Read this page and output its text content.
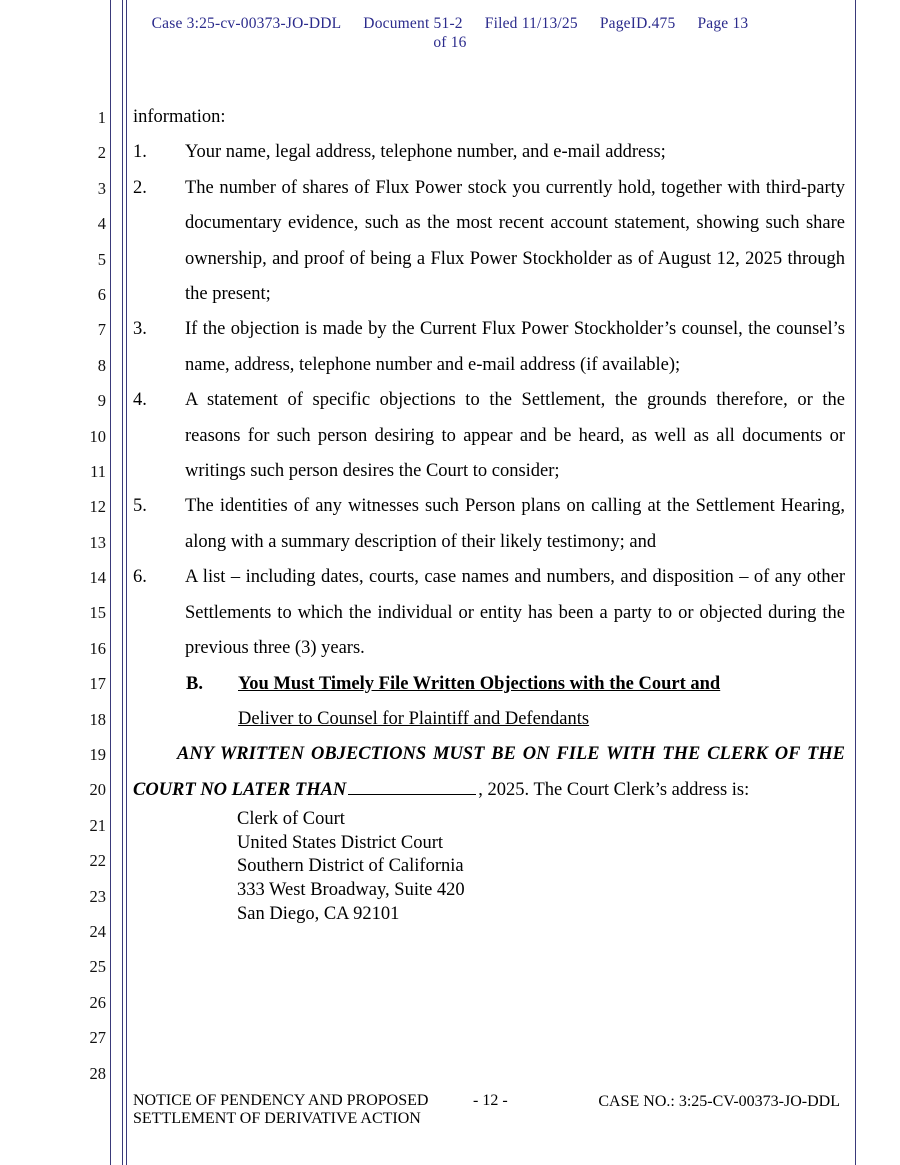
Case 3:25-cv-00373-JO-DDL Document 51-2 Filed 11/13/25 PageID.475 Page 13
of 16
1
2
3
4
5
6
7
8
9
10
11
12
13
14
15
16
17
18
19
20
21
22
23
24
25
26
27
28

information:

1. Your name, legal address, telephone number, and e-mail address;

2. The number of shares of Flux Power stock you currently hold, together with third-party documentary evidence, such as the most recent account statement, showing such share ownership, and proof of being a Flux Power Stockholder as of August 12, 2025 through the present;

3. If the objection is made by the Current Flux Power Stockholder’s counsel, the counsel’s name, address, telephone number and e-mail address (if available);

4. A statement of specific objections to the Settlement, the grounds therefore, or the reasons for such person desiring to appear and be heard, as well as all documents or writings such person desires the Court to consider;

5. The identities of any witnesses such Person plans on calling at the Settlement Hearing, along with a summary description of their likely testimony; and

6. A list – including dates, courts, case names and numbers, and disposition – of any other Settlements to which the individual or entity has been a party to or objected during the previous three (3) years.

B. You Must Timely File Written Objections with the Court and

Deliver to Counsel for Plaintiff and Defendants

ANY WRITTEN OBJECTIONS MUST BE ON FILE WITH THE CLERK OF THE COURT NO LATER THAN	, 2025. The Court Clerk’s address is:

Clerk of Court
United States District Court
Southern District of California
333 West Broadway, Suite 420
San Diego, CA 92101
NOTICE OF PENDENCY AND PROPOSED
SETTLEMENT OF DERIVATIVE ACTION
- 12 -	CASE NO.: 3:25-CV-00373-JO-DDL
